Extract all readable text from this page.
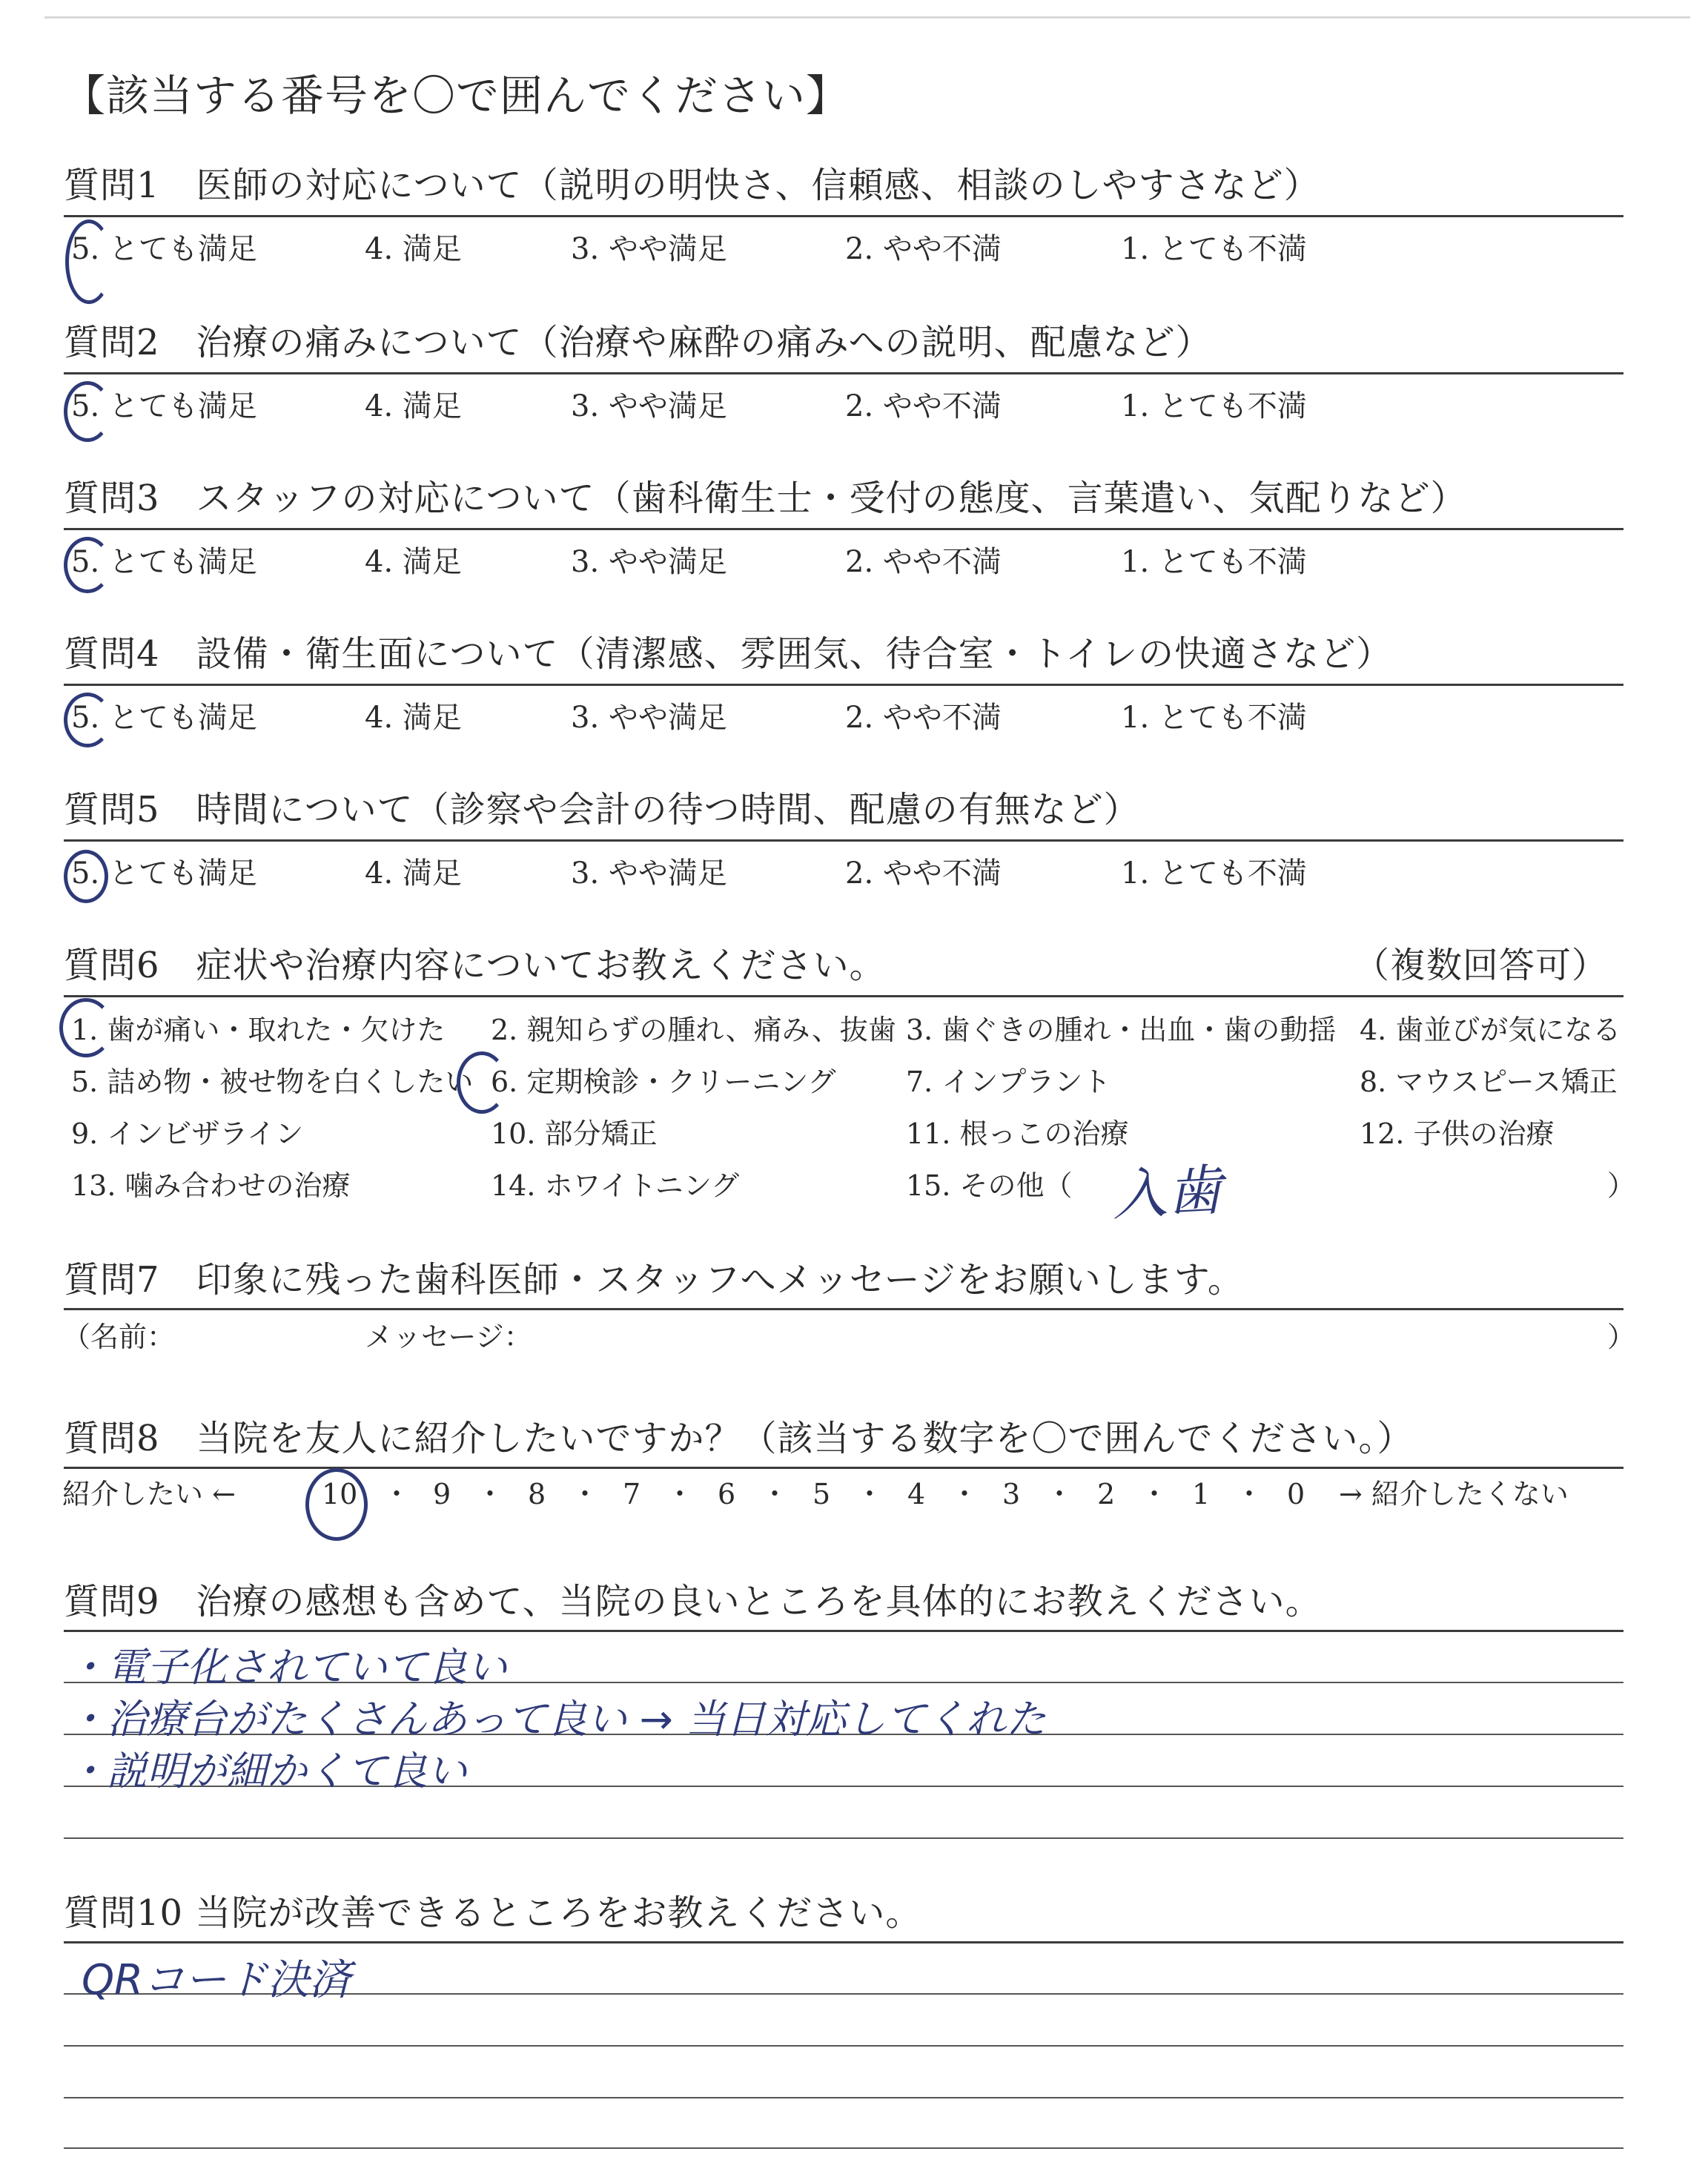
【該当する番号を〇で囲んでください】
質問1　医師の対応について（説明の明快さ、信頼感、相談のしやすさなど）
5. とても満足	4. 満足	3. やや満足	2. やや不満	1. とても不満
質問2　治療の痛みについて（治療や麻酔の痛みへの説明、配慮など）
5. とても満足	4. 満足	3. やや満足	2. やや不満	1. とても不満
質問3　スタッフの対応について（歯科衛生士・受付の態度、言葉遣い、気配りなど）
5. とても満足	4. 満足	3. やや満足	2. やや不満	1. とても不満
質問4　設備・衛生面について（清潔感、雰囲気、待合室・トイレの快適さなど）
5. とても満足	4. 満足	3. やや満足	2. やや不満	1. とても不満
質問5　時間について（診察や会計の待つ時間、配慮の有無など）
5. とても満足	4. 満足	3. やや満足	2. やや不満	1. とても不満
質問6　症状や治療内容についてお教えください。	（複数回答可）
1. 歯が痛い・取れた・欠けた 2. 親知らずの腫れ、痛み、抜歯 3. 歯ぐきの腫れ・出血・歯の動揺 4. 歯並びが気になる
5. 詰め物・被せ物を白くしたい 6. 定期検診・クリーニング 7. インプラント	8. マウスピース矯正
9. インビザライン	10. 部分矯正	11. 根っこの治療	12. 子供の治療
13. 噛み合わせの治療	14. ホワイトニング	15. その他（	）
入歯
質問7　印象に残った歯科医師・スタッフへメッセージをお願いします。
（名前：	メッセージ：	）
質問8　当院を友人に紹介したいですか？（該当する数字を〇で囲んでください。）
紹介したい ←	10 ・ 9 ・ 8 ・ 7 ・ 6 ・ 5 ・ 4 ・ 3 ・ 2 ・ 1 ・ 0 → 紹介したくない
質問9　治療の感想も含めて、当院の良いところを具体的にお教えください。
・電子化されていて良い
・治療台がたくさんあって良い → 当日対応してくれた
・説明が細かくて良い
質問10 当院が改善できるところをお教えください。
QRコード決済
